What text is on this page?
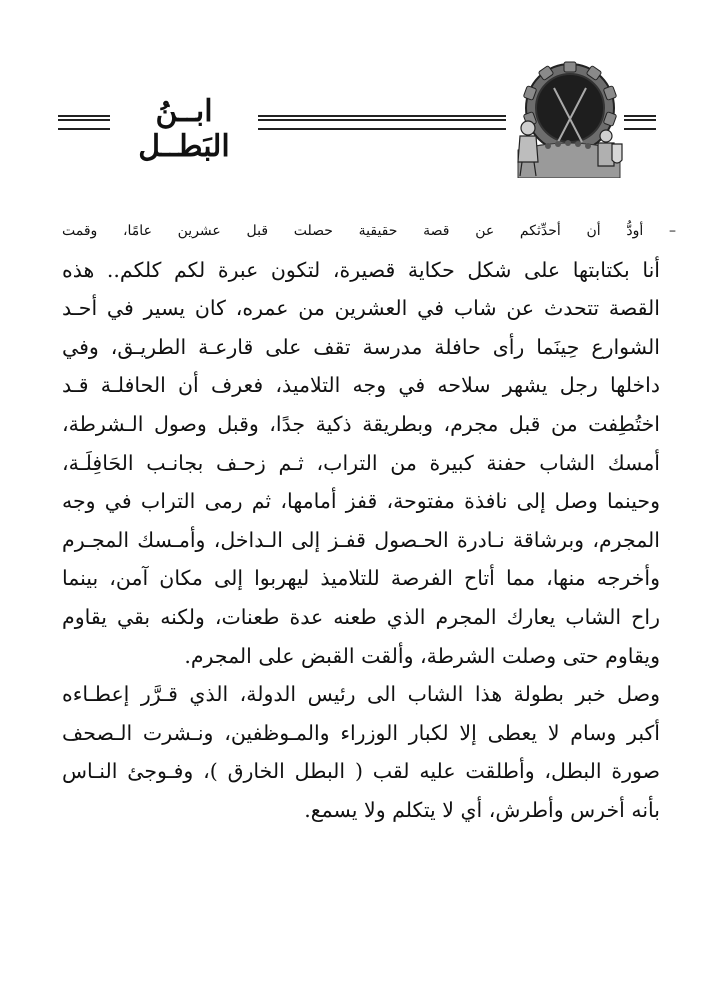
ابــنُ البَطــل

– أودُّ أن أحدِّثكم عن قصة حقيقية حصلت قبل عشرين عامًا، وقمت
أنا بكتابتها على شكل حكاية قصيرة، لتكون عبرة لكم كلكم.. هذه
القصة تتحدث عن شاب في العشرين من عمره، كان يسير في أحـد
الشوارع حِينَما رأى حافلة مدرسة تقف على قارعـة الطريـق، وفي
داخلها رجل يشهر سلاحه في وجه التلاميذ، فعرف أن الحافلـة قـد
اختُطِفت من قبل مجرم، وبطريقة ذكية جدًا، وقبل وصول الـشرطة،
أمسك الشاب حفنة كبيرة من التراب، ثـم زحـف بجانـب الحَافِلَـة،
وحينما وصل إلى نافذة مفتوحة، قفز أمامها، ثم رمى التراب في وجه
المجرم، وبرشاقة نـادرة الحـصول قفـز إلى الـداخل، وأمـسك المجـرم
وأخرجه منها، مما أتاح الفرصة للتلاميذ ليهربوا إلى مكان آمن، بينما
راح الشاب يعارك المجرم الذي طعنه عدة طعنات، ولكنه بقي يقاوم
ويقاوم حتى وصلت الشرطة، وألقت القبض على المجرم.

وصل خبر بطولة هذا الشاب الى رئيس الدولة، الذي قـرَّر إعطـاءه
أكبر وسام لا يعطى إلا لكبار الوزراء والمـوظفين، ونـشرت الـصحف
صورة البطل، وأطلقت عليه لقب ( البطل الخارق )، وفـوجئ النـاس
بأنه أخرس وأطرش، أي لا يتكلم ولا يسمع.
